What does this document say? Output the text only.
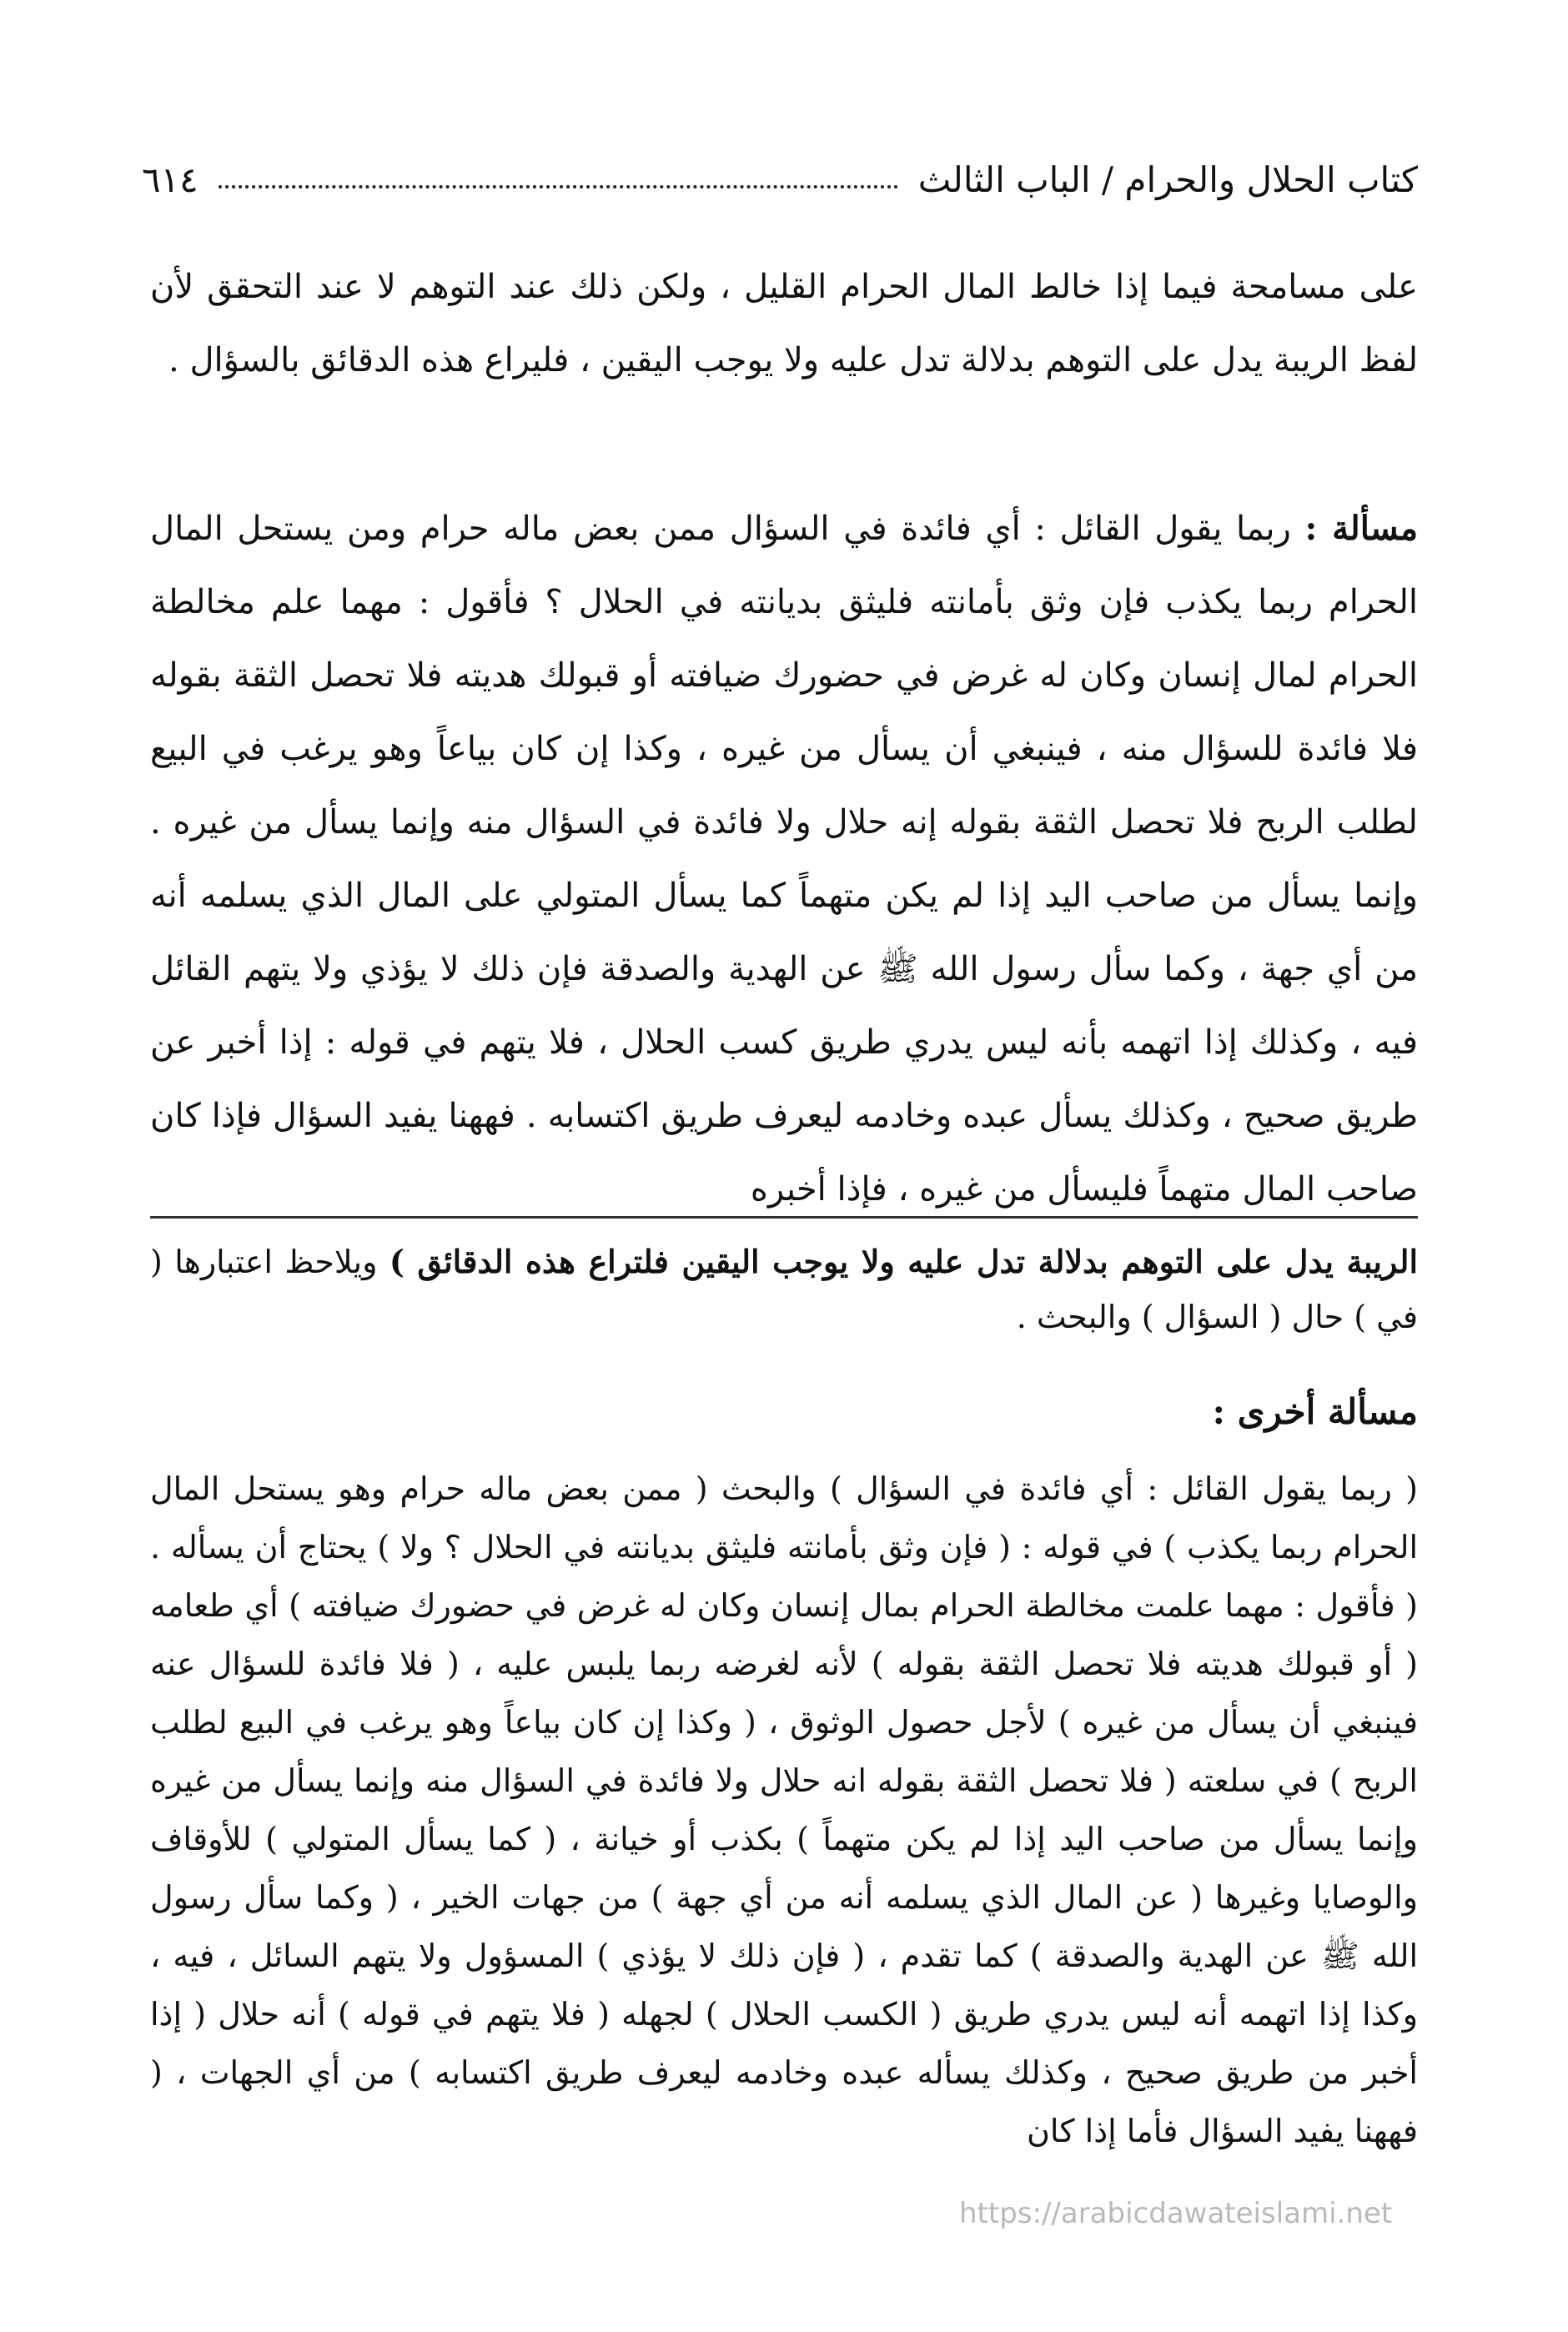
كتاب الحلال والحرام / الباب الثالث
٦١٤

على مسامحة فيما إذا خالط المال الحرام القليل ، ولكن ذلك عند التوهم لا عند التحقق لأن لفظ الريبة يدل على التوهم بدلالة تدل عليه ولا يوجب اليقين ، فليراع هذه الدقائق بالسؤال .

مسألة : ربما يقول القائل : أي فائدة في السؤال ممن بعض ماله حرام ومن يستحل المال الحرام ربما يكذب فإن وثق بأمانته فليثق بديانته في الحلال ؟ فأقول : مهما علم مخالطة الحرام لمال إنسان وكان له غرض في حضورك ضيافته أو قبولك هديته فلا تحصل الثقة بقوله فلا فائدة للسؤال منه ، فينبغي أن يسأل من غيره ، وكذا إن كان بياعاً وهو يرغب في البيع لطلب الربح فلا تحصل الثقة بقوله إنه حلال ولا فائدة في السؤال منه وإنما يسأل من غيره . وإنما يسأل من صاحب اليد إذا لم يكن متهماً كما يسأل المتولي على المال الذي يسلمه أنه من أي جهة ، وكما سأل رسول الله ﷺ عن الهدية والصدقة فإن ذلك لا يؤذي ولا يتهم القائل فيه ، وكذلك إذا اتهمه بأنه ليس يدري طريق كسب الحلال ، فلا يتهم في قوله : إذا أخبر عن طريق صحيح ، وكذلك يسأل عبده وخادمه ليعرف طريق اكتسابه . فههنا يفيد السؤال فإذا كان صاحب المال متهماً فليسأل من غيره ، فإذا أخبره

الريبة يدل على التوهم بدلالة تدل عليه ولا يوجب اليقين فلتراع هذه الدقائق ) ويلاحظ اعتبارها ( في ) حال ( السؤال ) والبحث .

مسألة أخرى :

( ربما يقول القائل : أي فائدة في السؤال ) والبحث ( ممن بعض ماله حرام وهو يستحل المال الحرام ربما يكذب ) في قوله : ( فإن وثق بأمانته فليثق بديانته في الحلال ؟ ولا ) يحتاج أن يسأله . ( فأقول : مهما علمت مخالطة الحرام بمال إنسان وكان له غرض في حضورك ضيافته ) أي طعامه ( أو قبولك هديته فلا تحصل الثقة بقوله ) لأنه لغرضه ربما يلبس عليه ، ( فلا فائدة للسؤال عنه فينبغي أن يسأل من غيره ) لأجل حصول الوثوق ، ( وكذا إن كان بياعاً وهو يرغب في البيع لطلب الربح ) في سلعته ( فلا تحصل الثقة بقوله انه حلال ولا فائدة في السؤال منه وإنما يسأل من غيره وإنما يسأل من صاحب اليد إذا لم يكن متهماً ) بكذب أو خيانة ، ( كما يسأل المتولي ) للأوقاف والوصايا وغيرها ( عن المال الذي يسلمه أنه من أي جهة ) من جهات الخير ، ( وكما سأل رسول الله ﷺ عن الهدية والصدقة ) كما تقدم ، ( فإن ذلك لا يؤذي ) المسؤول ولا يتهم السائل ، فيه ، وكذا إذا اتهمه أنه ليس يدري طريق ( الكسب الحلال ) لجهله ( فلا يتهم في قوله ) أنه حلال ( إذا أخبر من طريق صحيح ، وكذلك يسأله عبده وخادمه ليعرف طريق اكتسابه ) من أي الجهات ، ( فههنا يفيد السؤال فأما إذا كان

https://arabicdawateislami.net
